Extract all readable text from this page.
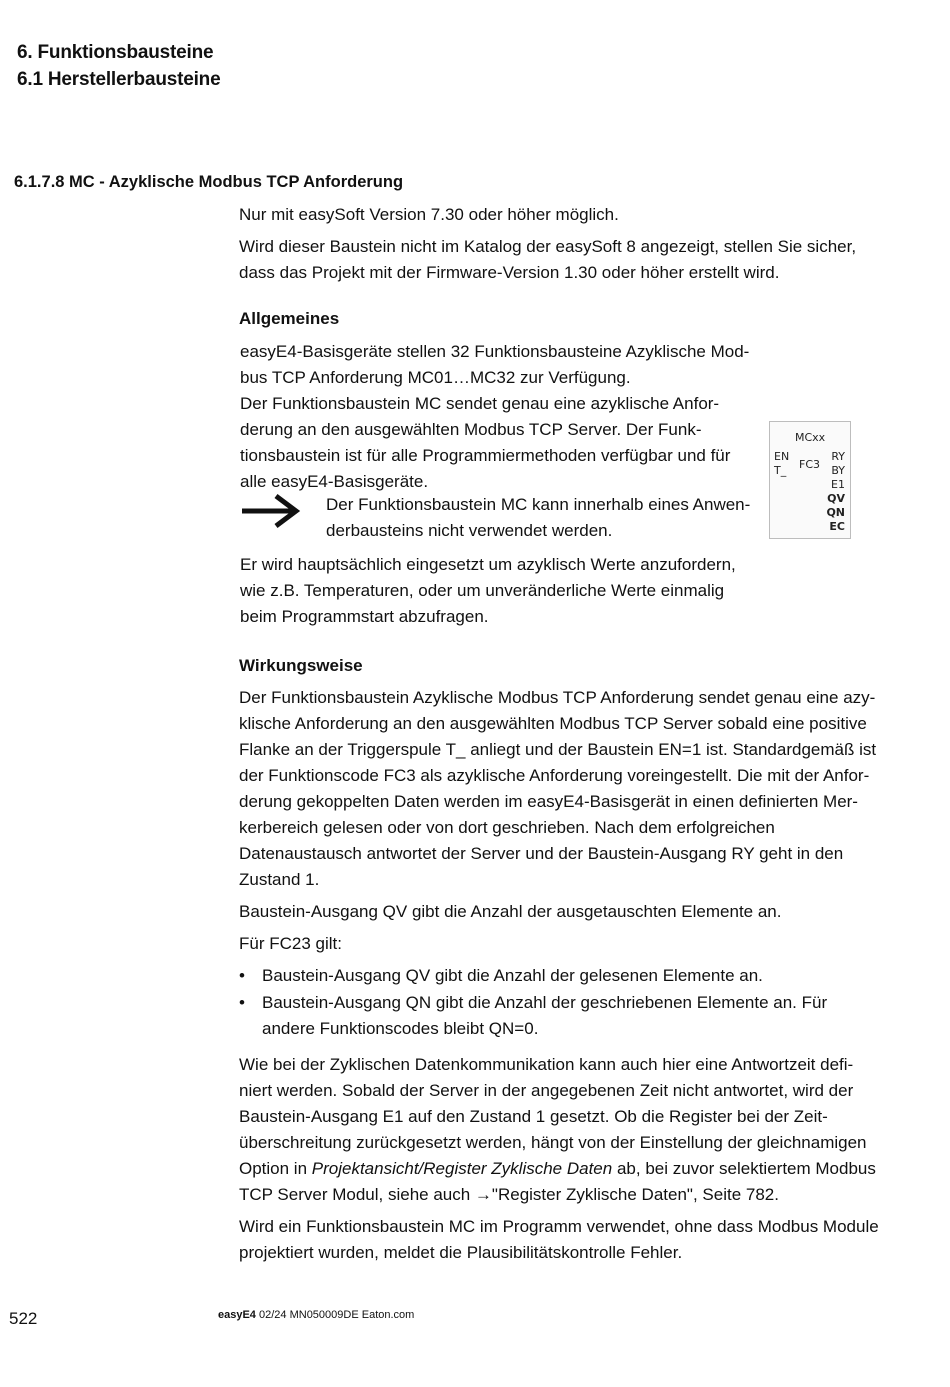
6. Funktionsbausteine
6.1 Herstellerbausteine
6.1.7.8 MC - Azyklische Modbus TCP Anforderung

Nur mit easySoft Version 7.30 oder höher möglich.

Wird dieser Baustein nicht im Katalog der easySoft 8 angezeigt, stellen Sie sicher,

dass das Projekt mit der Firmware-Version 1.30 oder höher erstellt wird.

Allgemeines

easyE4-Basisgeräte stellen 32 Funktionsbausteine Azyklische Mod-

bus TCP Anforderung MC01…MC32 zur Verfügung.

Der Funktionsbaustein MC sendet genau eine azyklische Anfor-

derung an den ausgewählten Modbus TCP Server. Der Funk-

tionsbaustein ist für alle Programmiermethoden verfügbar und für

alle easyE4-Basisgeräte.

Der Funktionsbaustein MC kann innerhalb eines Anwen-

derbausteins nicht verwendet werden.

Er wird hauptsächlich eingesetzt um azyklisch Werte anzufordern,

wie z.B. Temperaturen, oder um unveränderliche Werte einmalig

beim Programmstart abzufragen.

MCxx
EN
T_ FC3
RY
BY
E1
QV
QN
EC
Wirkungsweise

Der Funktionsbaustein Azyklische Modbus TCP Anforderung sendet genau eine azy-

klische Anforderung an den ausgewählten Modbus TCP Server sobald eine positive

Flanke an der Triggerspule T_ anliegt und der Baustein EN=1 ist. Standardgemäß ist

der Funktionscode FC3 als azyklische Anforderung voreingestellt. Die mit der Anfor-

derung gekoppelten Daten werden im easyE4-Basisgerät in einen definierten Mer-

kerbereich gelesen oder von dort geschrieben. Nach dem erfolgreichen

Datenaustausch antwortet der Server und der Baustein-Ausgang RY geht in den

Zustand 1.

Baustein-Ausgang QV gibt die Anzahl der ausgetauschten Elemente an.

Für FC23 gilt:

• Baustein-Ausgang QV gibt die Anzahl der gelesenen Elemente an.

• Baustein-Ausgang QN gibt die Anzahl der geschriebenen Elemente an. Für

andere Funktionscodes bleibt QN=0.

Wie bei der Zyklischen Datenkommunikation kann auch hier eine Antwortzeit defi-

niert werden. Sobald der Server in der angegebenen Zeit nicht antwortet, wird der

Baustein-Ausgang E1 auf den Zustand 1 gesetzt. Ob die Register bei der Zeit-

überschreitung zurückgesetzt werden, hängt von der Einstellung der gleichnamigen

Option in Projektansicht/Register Zyklische Daten ab, bei zuvor selektiertem Modbus

TCP Server Modul, siehe auch →"Register Zyklische Daten", Seite 782.

Wird ein Funktionsbaustein MC im Programm verwendet, ohne dass Modbus Module

projektiert wurden, meldet die Plausibilitätskontrolle Fehler.

522	easyE4 02/24 MN050009DE Eaton.com
